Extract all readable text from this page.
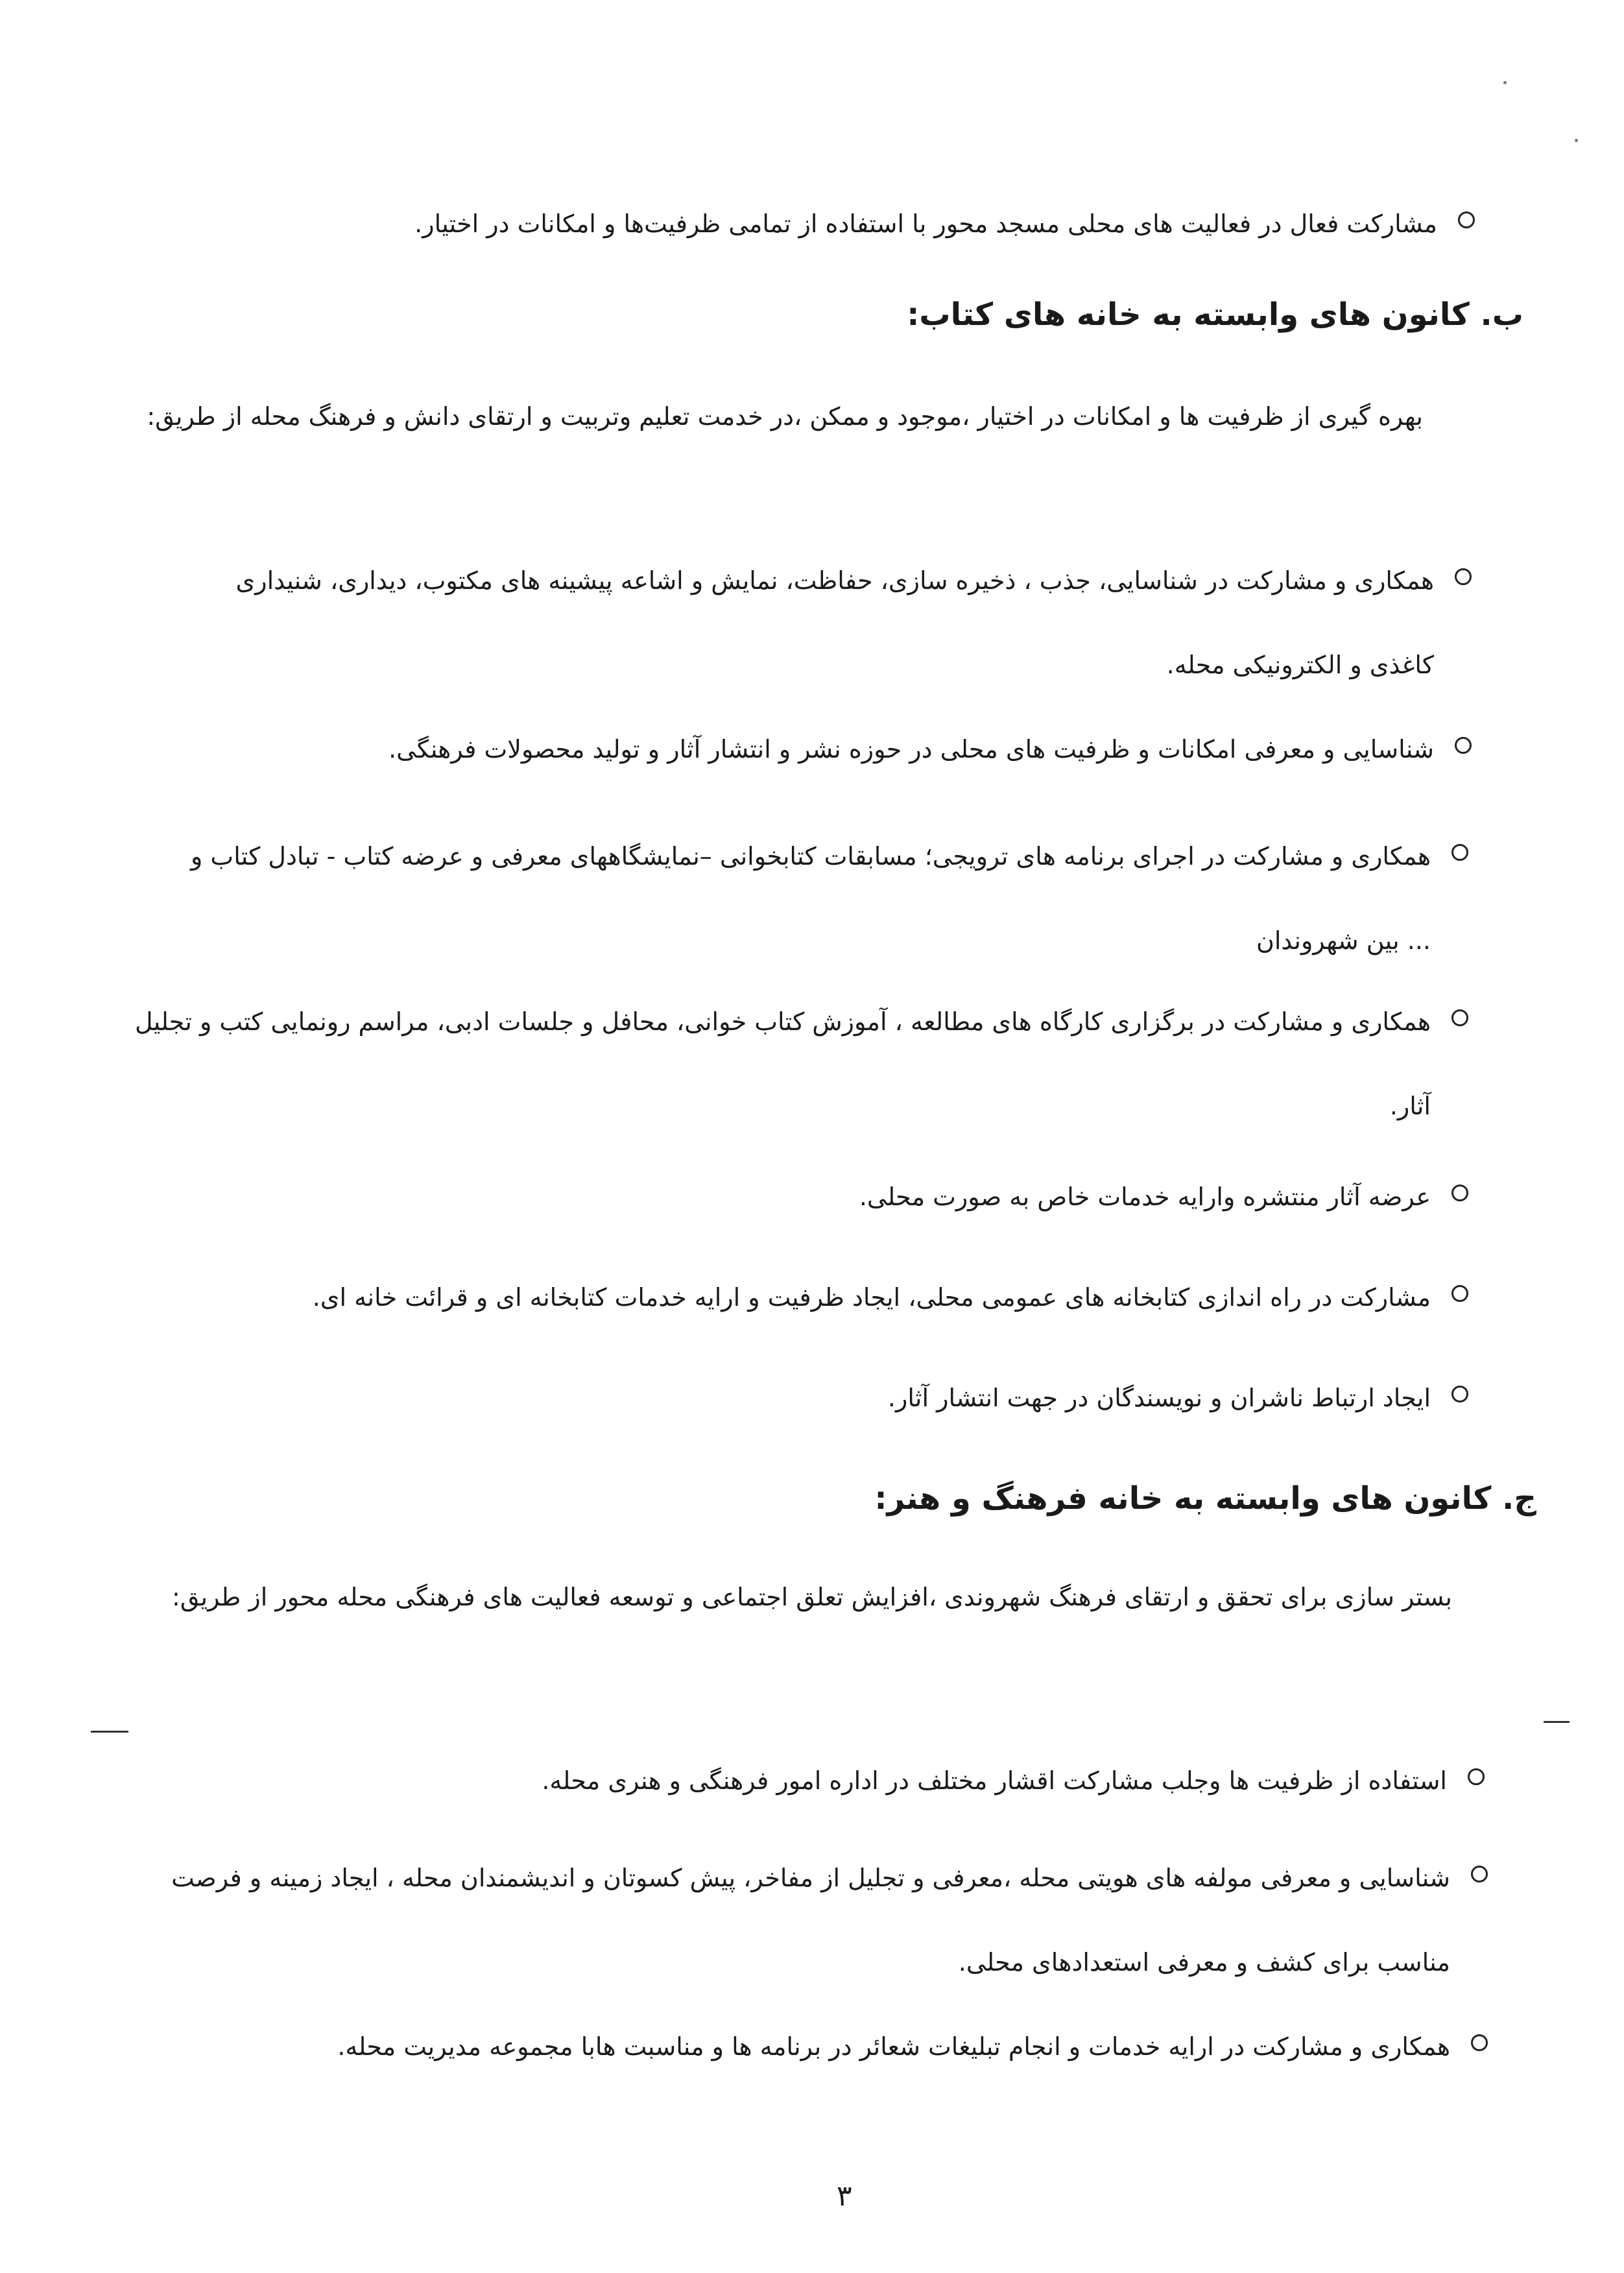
مشارکت فعال در فعالیت های محلی مسجد محور با استفاده از تمامی ظرفیت‌ها و امکانات در اختیار.
ب. کانون های وابسته به خانه های کتاب:
بهره گیری از ظرفیت ها و امکانات در اختیار ،موجود و ممکن ،در خدمت تعلیم وتربیت و ارتقای دانش و فرهنگ محله از طریق:
همکاری و مشارکت در شناسایی، جذب ، ذخیره سازی، حفاظت، نمایش و اشاعه پیشینه های مکتوب، دیداری، شنیداری کاغذی و الکترونیکی محله.
شناسایی و معرفی امکانات و ظرفیت های محلی در حوزه نشر و انتشار آثار و تولید محصولات فرهنگی.
همکاری و مشارکت در اجرای برنامه های ترویجی؛ مسابقات کتابخوانی –نمایشگاههای معرفی و عرضه کتاب - تبادل کتاب و ... بین شهروندان
همکاری و مشارکت در برگزاری کارگاه های مطالعه ، آموزش کتاب خوانی، محافل و جلسات ادبی، مراسم رونمایی کتب و تجلیل آثار.
عرضه آثار منتشره وارایه خدمات خاص به صورت محلی.
مشارکت در راه اندازی کتابخانه های عمومی محلی، ایجاد ظرفیت و ارایه خدمات کتابخانه ای و قرائت خانه ای.
ایجاد ارتباط ناشران و نویسندگان در جهت انتشار آثار.
ج. کانون های وابسته به خانه فرهنگ و هنر:
بستر سازی برای تحقق و ارتقای فرهنگ شهروندی ،افزایش تعلق اجتماعی و توسعه فعالیت های فرهنگی محله محور از طریق:
استفاده از ظرفیت ها وجلب مشارکت اقشار مختلف در اداره امور فرهنگی و هنری محله.
شناسایی و معرفی مولفه های هویتی محله ،معرفی و تجلیل از مفاخر، پیش کسوتان و اندیشمندان محله ، ایجاد زمینه و فرصت مناسب برای کشف و معرفی استعدادهای محلی.
همکاری و مشارکت در ارایه خدمات و انجام تبلیغات شعائر در برنامه ها و مناسبت هابا مجموعه مدیریت محله.
۳
